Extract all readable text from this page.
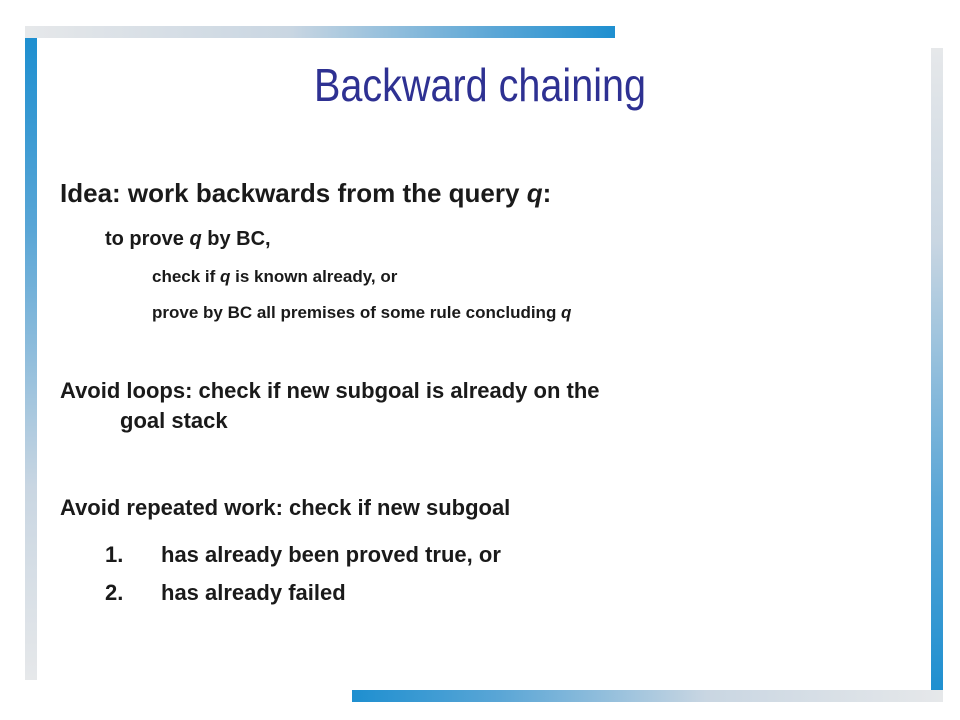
Backward chaining
Idea: work backwards from the query q:
to prove q by BC,
check if q is known already, or
prove by BC all premises of some rule concluding q
Avoid loops: check if new subgoal is already on the
goal stack
Avoid repeated work: check if new subgoal
1. has already been proved true, or
2. has already failed
